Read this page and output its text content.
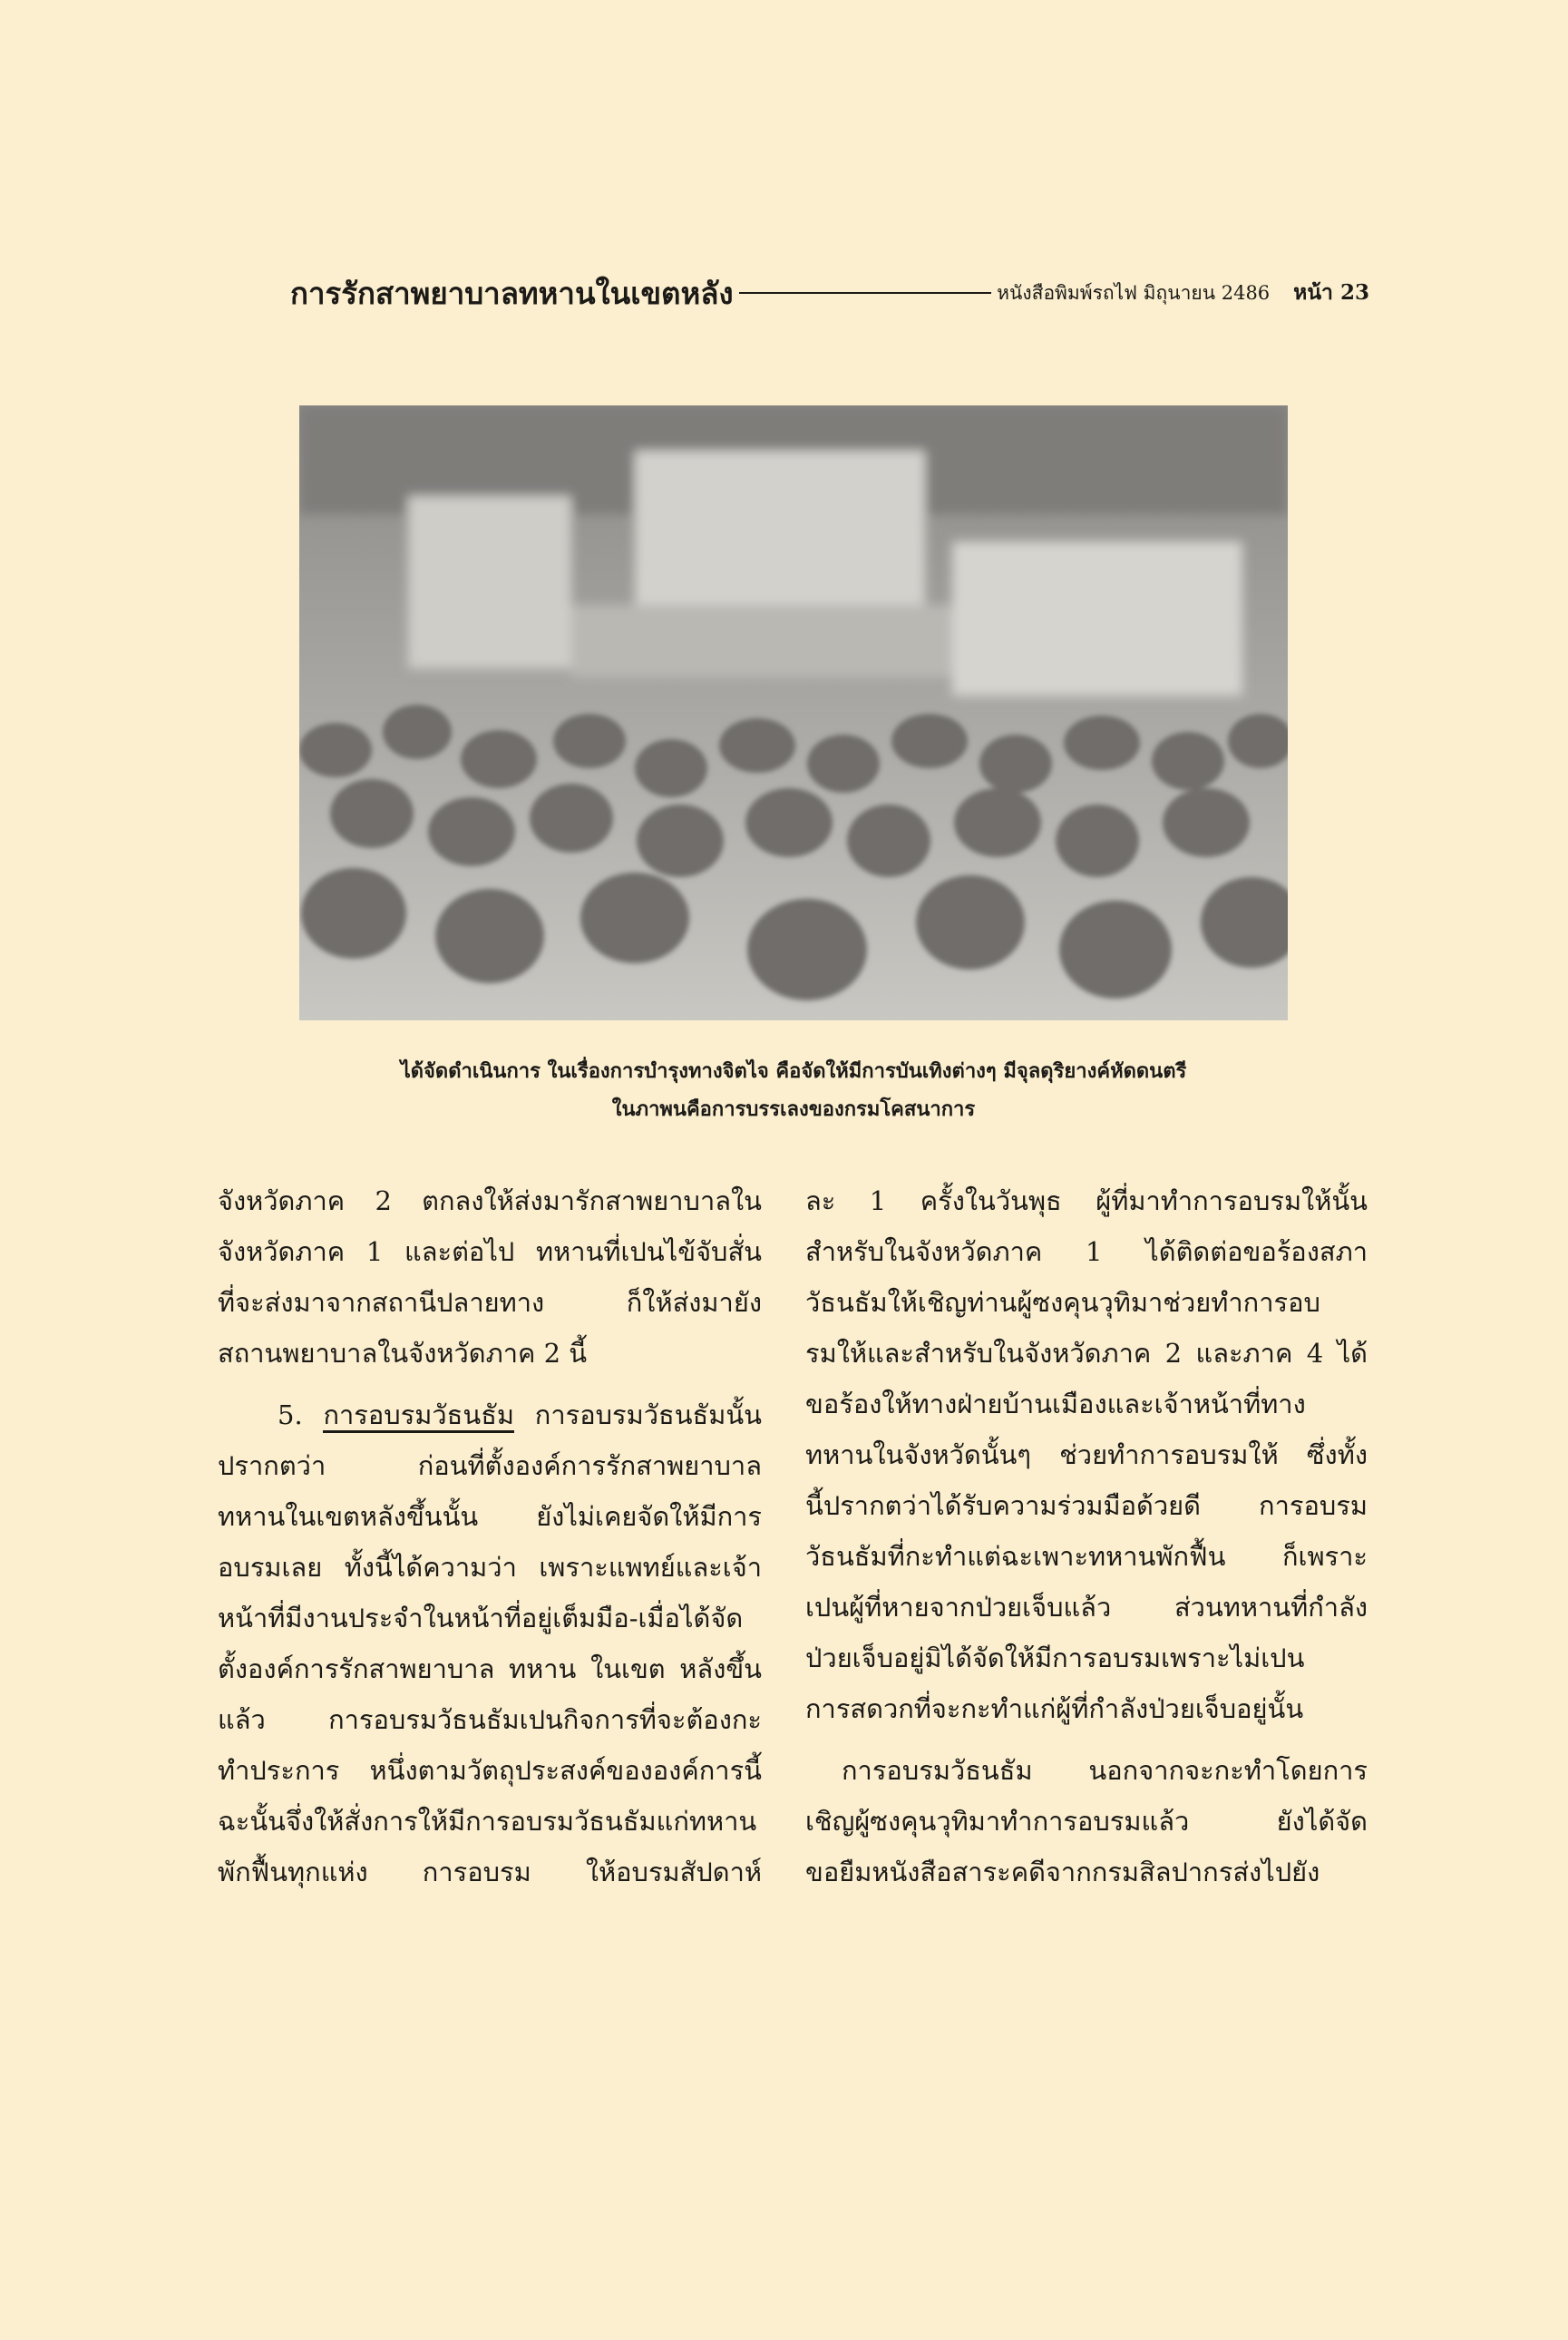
การรักสาพยาบาลทหานในเขตหลัง	หนังสือพิมพ์รถไฟ มิถุนายน 2486 หน้า 23
ได้จัดดำเนินการ ในเรื่องการบำรุงทางจิตไจ คือจัดให้มีการบันเทิงต่างๆ มีจุลดุริยางค์หัดดนตรี
ในภาพนคือการบรรเลงของกรมโคสนาการ
จังหวัดภาค 2 ตกลงให้ส่งมารักสาพยาบาลใน
จังหวัดภาค 1 และต่อไป ทหานที่เปนไข้จับสั่น
ที่จะส่งมาจากสถานีปลายทาง ก็ให้ส่งมายัง
สถานพยาบาลในจังหวัดภาค 2 นี้
5. การอบรมวัธนธัม การอบรมวัธนธัมนั้น
ปรากตว่า ก่อนที่ตั้งองค์การรักสาพยาบาล
ทหานในเขตหลังขึ้นนั้น ยังไม่เคยจัดให้มีการ
อบรมเลย ทั้งนี้ได้ความว่า เพราะแพทย์และเจ้า
หน้าที่มีงานประจำในหน้าที่อยู่เต็มมือ-เมื่อได้จัด
ตั้งองค์การรักสาพยาบาล ทหาน ในเขต หลังขึ้น
แล้ว การอบรมวัธนธัมเปนกิจการที่จะต้องกะ
ทำประการ หนึ่งตามวัตถุประสงค์ขององค์การนี้
ฉะนั้นจึ่งให้สั่งการให้มีการอบรมวัธนธัมแก่ทหาน
พักฟื้นทุกแห่ง การอบรม ให้อบรมสัปดาห์
ละ 1 ครั้งในวันพุธ ผู้ที่มาทำการอบรมให้นั้น
สำหรับในจังหวัดภาค 1 ได้ติดต่อขอร้องสภา
วัธนธัมให้เชิญท่านผู้ซงคุนวุทิมาช่วยทำการอบ
รมให้และสำหรับในจังหวัดภาค 2 และภาค 4 ได้
ขอร้องให้ทางฝ่ายบ้านเมืองและเจ้าหน้าที่ทาง
ทหานในจังหวัดนั้นๆ ช่วยทำการอบรมให้ ซึ่งทั้ง
นี้ปรากตว่าได้รับความร่วมมือด้วยดี การอบรม
วัธนธัมที่กะทำแต่ฉะเพาะทหานพักฟื้น ก็เพราะ
เปนผู้ที่หายจากป่วยเจ็บแล้ว ส่วนทหานที่กำลัง
ป่วยเจ็บอยู่มิได้จัดให้มีการอบรมเพราะไม่เปน
การสดวกที่จะกะทำแก่ผู้ที่กำลังป่วยเจ็บอยู่นั้น
การอบรมวัธนธัม นอกจากจะกะทำโดยการ
เชิญผู้ซงคุนวุทิมาทำการอบรมแล้ว ยังได้จัด
ขอยืมหนังสือสาระคดีจากกรมสิลปากรส่งไปยัง
